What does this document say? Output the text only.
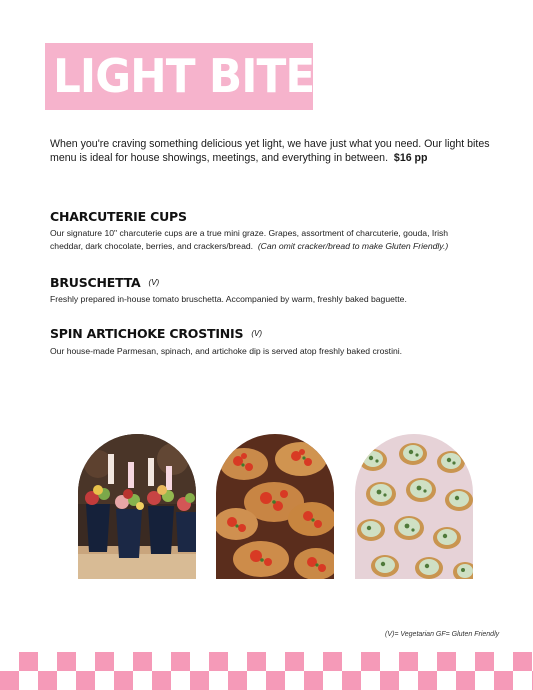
LIGHT BITES

When you're craving something delicious yet light, we have just what you need. Our light bites menu is ideal for house showings, meetings, and everything in between. $16 pp

CHARCUTERIE CUPS

Our signature 10" charcuterie cups are a true mini graze. Grapes, assortment of charcuterie, gouda, Irish cheddar, dark chocolate, berries, and crackers/bread. (Can omit cracker/bread to make Gluten Friendly.)

BRUSCHETTA (V)

Freshly prepared in-house tomato bruschetta. Accompanied by warm, freshly baked baguette.

SPIN ARTICHOKE CROSTINIS (V)

Our house-made Parmesan, spinach, and artichoke dip is served atop freshly baked crostini.

(V)= Vegetarian GF= Gluten Friendly
